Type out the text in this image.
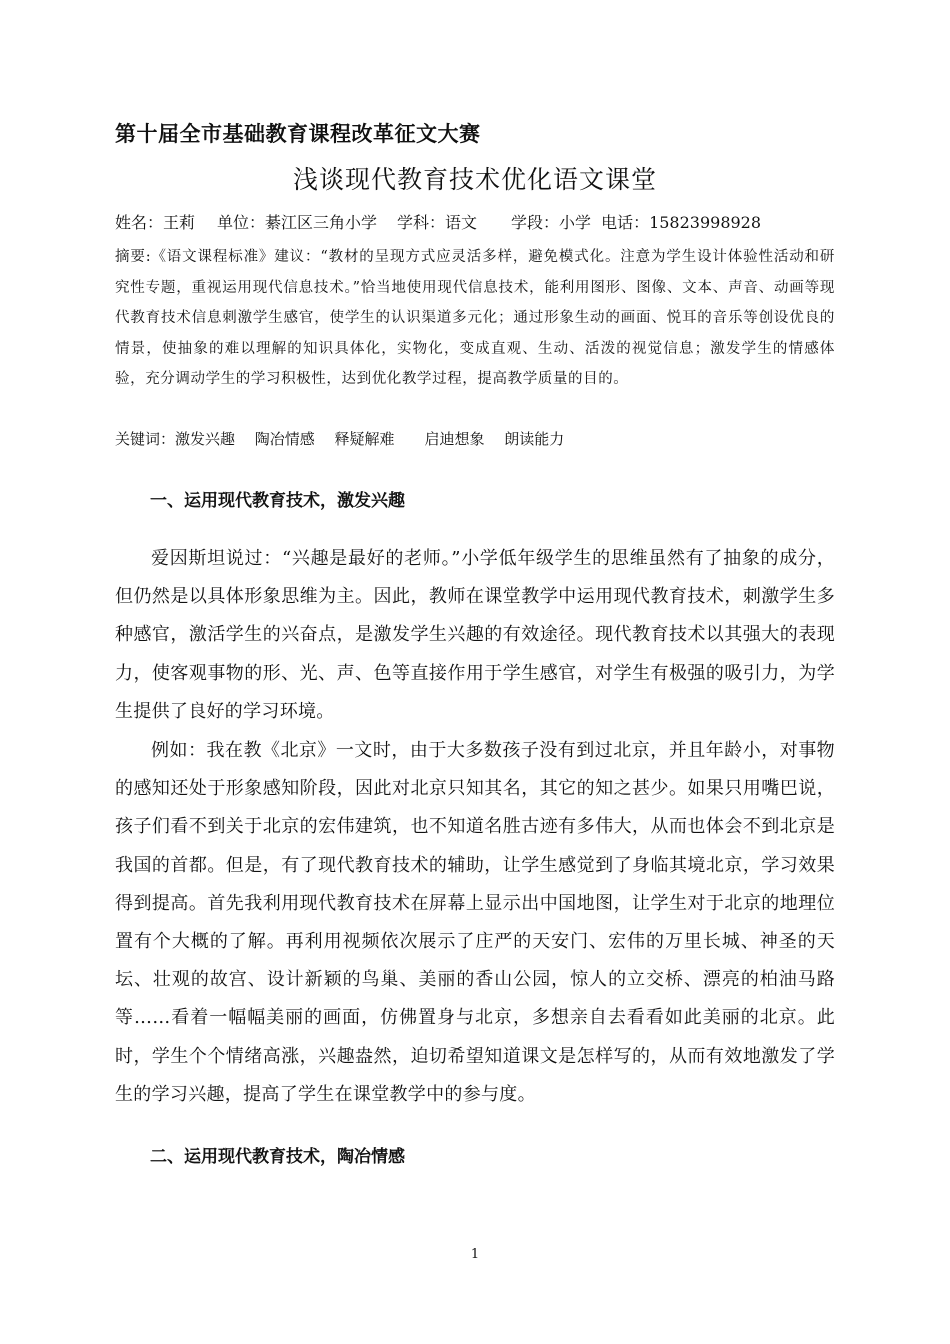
第十届全市基础教育课程改革征文大赛
浅谈现代教育技术优化语文课堂
姓名：王莉 单位：綦江区三角小学 学科：语文 学段：小学 电话：15823998928
摘要:《语文课程标准》建议：“教材的呈现方式应灵活多样，避免模式化。注意为学生设计体验性活动和研究性专题，重视运用现代信息技术。”恰当地使用现代信息技术，能利用图形、图像、文本、声音、动画等现代教育技术信息刺激学生感官，使学生的认识渠道多元化；通过形象生动的画面、悦耳的音乐等创设优良的情景，使抽象的难以理解的知识具体化，实物化，变成直观、生动、活泼的视觉信息；激发学生的情感体验，充分调动学生的学习积极性，达到优化教学过程，提高教学质量的目的。
关键词：激发兴趣　 陶冶情感　 释疑解难　　启迪想象　 朗读能力
一、运用现代教育技术，激发兴趣
爱因斯坦说过：“兴趣是最好的老师。”小学低年级学生的思维虽然有了抽象的成分，但仍然是以具体形象思维为主。因此，教师在课堂教学中运用现代教育技术，刺激学生多种感官，激活学生的兴奋点，是激发学生兴趣的有效途径。现代教育技术以其强大的表现力，使客观事物的形、光、声、色等直接作用于学生感官，对学生有极强的吸引力，为学生提供了良好的学习环境。
例如：我在教《北京》一文时，由于大多数孩子没有到过北京，并且年龄小，对事物的感知还处于形象感知阶段，因此对北京只知其名，其它的知之甚少。如果只用嘴巴说，孩子们看不到关于北京的宏伟建筑，也不知道名胜古迹有多伟大，从而也体会不到北京是我国的首都。但是，有了现代教育技术的辅助，让学生感觉到了身临其境北京，学习效果得到提高。首先我利用现代教育技术在屏幕上显示出中国地图，让学生对于北京的地理位置有个大概的了解。再利用视频依次展示了庄严的天安门、宏伟的万里长城、神圣的天坛、壮观的故宫、设计新颖的鸟巢、美丽的香山公园，惊人的立交桥、漂亮的柏油马路等……看着一幅幅美丽的画面，仿佛置身与北京，多想亲自去看看如此美丽的北京。此时，学生个个情绪高涨，兴趣盎然，迫切希望知道课文是怎样写的，从而有效地激发了学生的学习兴趣，提高了学生在课堂教学中的参与度。
二、运用现代教育技术，陶冶情感
1
